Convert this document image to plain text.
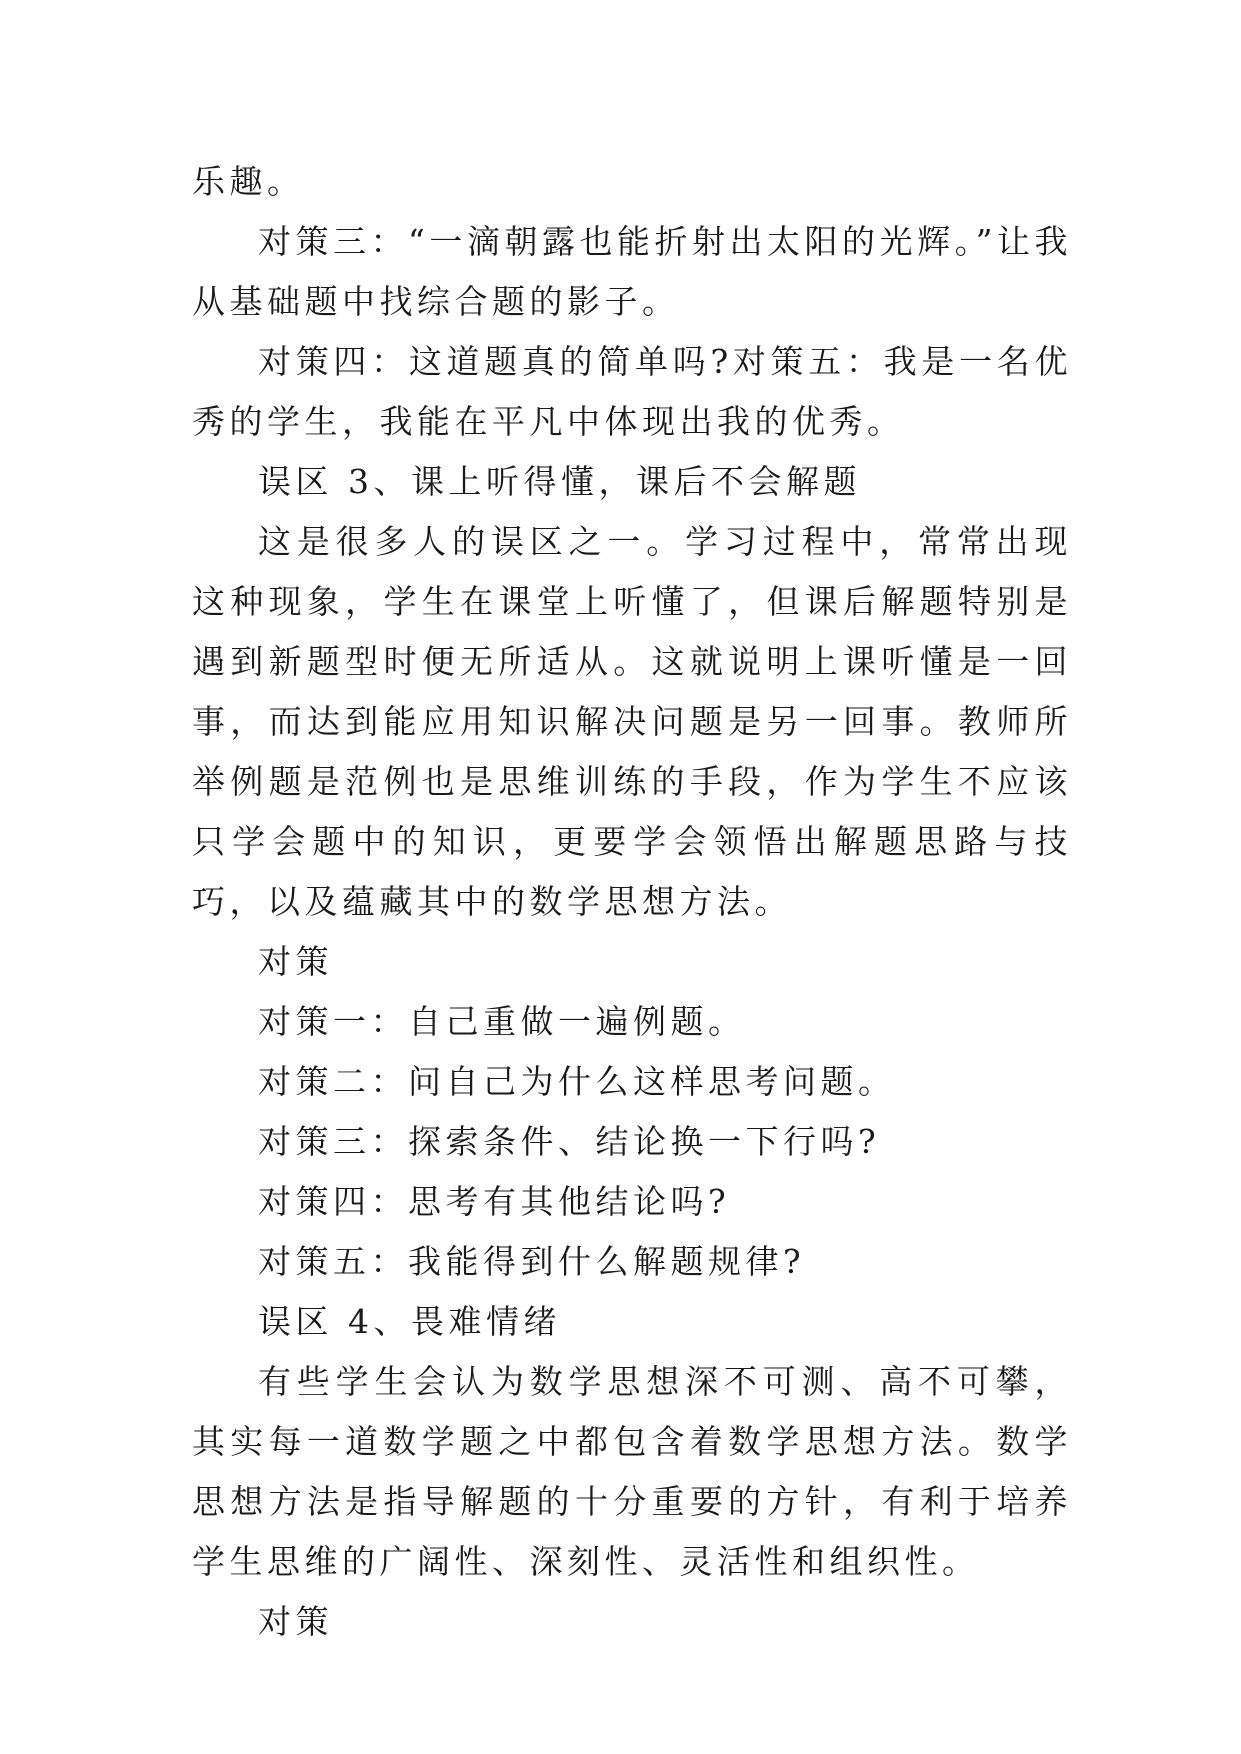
乐趣。

对策三：“一滴朝露也能折射出太阳的光辉。”让我从基础题中找综合题的影子。

对策四：这道题真的简单吗?对策五：我是一名优秀的学生，我能在平凡中体现出我的优秀。

误区 3、课上听得懂，课后不会解题

这是很多人的误区之一。学习过程中，常常出现这种现象，学生在课堂上听懂了，但课后解题特别是遇到新题型时便无所适从。这就说明上课听懂是一回事，而达到能应用知识解决问题是另一回事。教师所举例题是范例也是思维训练的手段，作为学生不应该只学会题中的知识，更要学会领悟出解题思路与技巧，以及蕴藏其中的数学思想方法。

对策

对策一：自己重做一遍例题。

对策二：问自己为什么这样思考问题。

对策三：探索条件、结论换一下行吗?

对策四：思考有其他结论吗?

对策五：我能得到什么解题规律?

误区 4、畏难情绪

有些学生会认为数学思想深不可测、高不可攀，其实每一道数学题之中都包含着数学思想方法。数学思想方法是指导解题的十分重要的方针，有利于培养学生思维的广阔性、深刻性、灵活性和组织性。

对策
